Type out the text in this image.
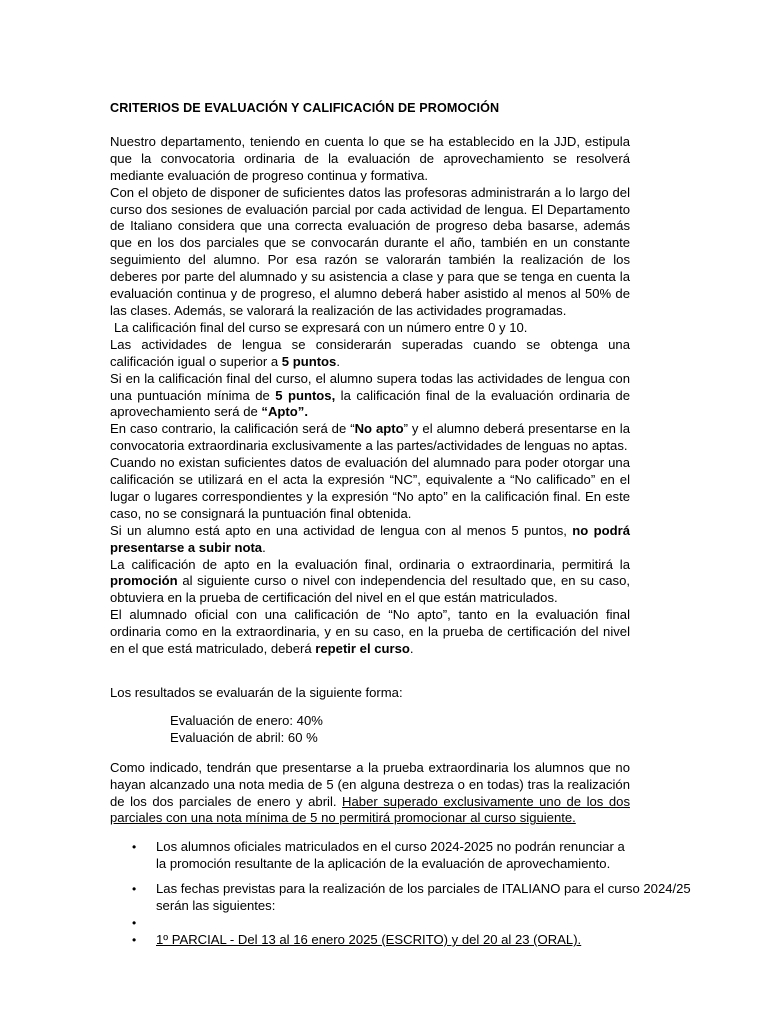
CRITERIOS DE EVALUACIÓN Y CALIFICACIÓN DE PROMOCIÓN

Nuestro departamento, teniendo en cuenta lo que se ha establecido en la JJD, estipula que la convocatoria ordinaria de la evaluación de aprovechamiento se resolverá mediante evaluación de progreso continua y formativa.

Con el objeto de disponer de suficientes datos las profesoras administrarán a lo largo del curso dos sesiones de evaluación parcial por cada actividad de lengua. El Departamento de Italiano considera que una correcta evaluación de progreso deba basarse, además que en los dos parciales que se convocarán durante el año, también en un constante seguimiento del alumno. Por esa razón se valorarán también la realización de los deberes por parte del alumnado y su asistencia a clase y para que se tenga en cuenta la evaluación continua y de progreso, el alumno deberá haber asistido al menos al 50% de las clases. Además, se valorará la realización de las actividades programadas.

La calificación final del curso se expresará con un número entre 0 y 10.

Las actividades de lengua se considerarán superadas cuando se obtenga una calificación igual o superior a 5 puntos.

Si en la calificación final del curso, el alumno supera todas las actividades de lengua con una puntuación mínima de 5 puntos, la calificación final de la evaluación ordinaria de aprovechamiento será de “Apto”.

En caso contrario, la calificación será de “No apto” y el alumno deberá presentarse en la convocatoria extraordinaria exclusivamente a las partes/actividades de lenguas no aptas.

Cuando no existan suficientes datos de evaluación del alumnado para poder otorgar una calificación se utilizará en el acta la expresión “NC”, equivalente a “No calificado” en el lugar o lugares correspondientes y la expresión “No apto” en la calificación final. En este caso, no se consignará la puntuación final obtenida.

Si un alumno está apto en una actividad de lengua con al menos 5 puntos, no podrá presentarse a subir nota.

La calificación de apto en la evaluación final, ordinaria o extraordinaria, permitirá la promoción al siguiente curso o nivel con independencia del resultado que, en su caso, obtuviera en la prueba de certificación del nivel en el que están matriculados.

El alumnado oficial con una calificación de “No apto”, tanto en la evaluación final ordinaria como en la extraordinaria, y en su caso, en la prueba de certificación del nivel en el que está matriculado, deberá repetir el curso.

Los resultados se evaluarán de la siguiente forma:

Evaluación de enero: 40%
Evaluación de abril: 60 %

Como indicado, tendrán que presentarse a la prueba extraordinaria los alumnos que no hayan alcanzado una nota media de 5 (en alguna destreza o en todas) tras la realización de los dos parciales de enero y abril. Haber superado exclusivamente uno de los dos parciales con una nota mínima de 5 no permitirá promocionar al curso siguiente.

• Los alumnos oficiales matriculados en el curso 2024-2025 no podrán renunciar a la promoción resultante de la aplicación de la evaluación de aprovechamiento.
• Las fechas previstas para la realización de los parciales de ITALIANO para el curso 2024/25 serán las siguientes:
•
• 1º PARCIAL - Del 13 al 16 enero 2025 (ESCRITO) y del 20 al 23 (ORAL).
